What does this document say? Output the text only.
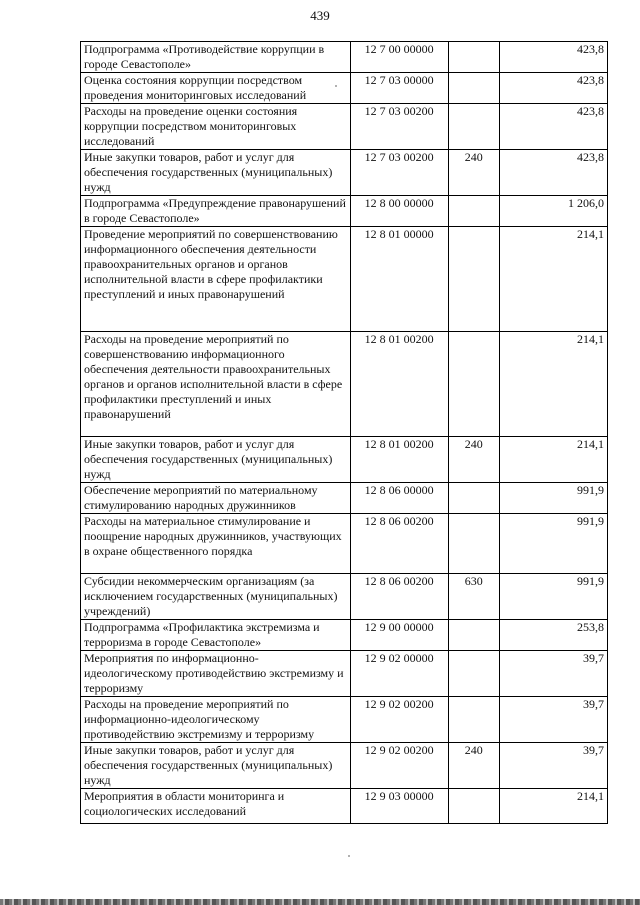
439
Подпрограмма «Противодействие коррупции в городе Севастополе»	12 7 00 00000		423,8
Оценка состояния коррупции посредством проведения мониторинговых исследований	12 7 03 00000		423,8
Расходы на проведение оценки состояния коррупции посредством мониторинговых исследований	12 7 03 00200		423,8
Иные закупки товаров, работ и услуг для обеспечения государственных (муниципальных) нужд	12 7 03 00200	240	423,8
Подпрограмма «Предупреждение правонарушений в городе Севастополе»	12 8 00 00000		1 206,0
Проведение мероприятий по совершенствованию информационного обеспечения деятельности правоохранительных органов и органов исполнительной власти в сфере профилактики преступлений и иных правонарушений	12 8 01 00000		214,1
Расходы на проведение мероприятий по совершенствованию информационного обеспечения деятельности правоохранительных органов и органов исполнительной власти в сфере профилактики преступлений и иных правонарушений	12 8 01 00200		214,1
Иные закупки товаров, работ и услуг для обеспечения государственных (муниципальных) нужд	12 8 01 00200	240	214,1
Обеспечение мероприятий по материальному стимулированию народных дружинников	12 8 06 00000		991,9
Расходы на материальное стимулирование и поощрение народных дружинников, участвующих в охране общественного порядка	12 8 06 00200		991,9
Субсидии некоммерческим организациям (за исключением государственных (муниципальных) учреждений)	12 8 06 00200	630	991,9
Подпрограмма «Профилактика экстремизма и терроризма в городе Севастополе»	12 9 00 00000		253,8
Мероприятия по информационно-идеологическому противодействию экстремизму и терроризму	12 9 02 00000		39,7
Расходы на проведение мероприятий по информационно-идеологическому противодействию экстремизму и терроризму	12 9 02 00200		39,7
Иные закупки товаров, работ и услуг для обеспечения государственных (муниципальных) нужд	12 9 02 00200	240	39,7
Мероприятия в области мониторинга и социологических исследований	12 9 03 00000		214,1
